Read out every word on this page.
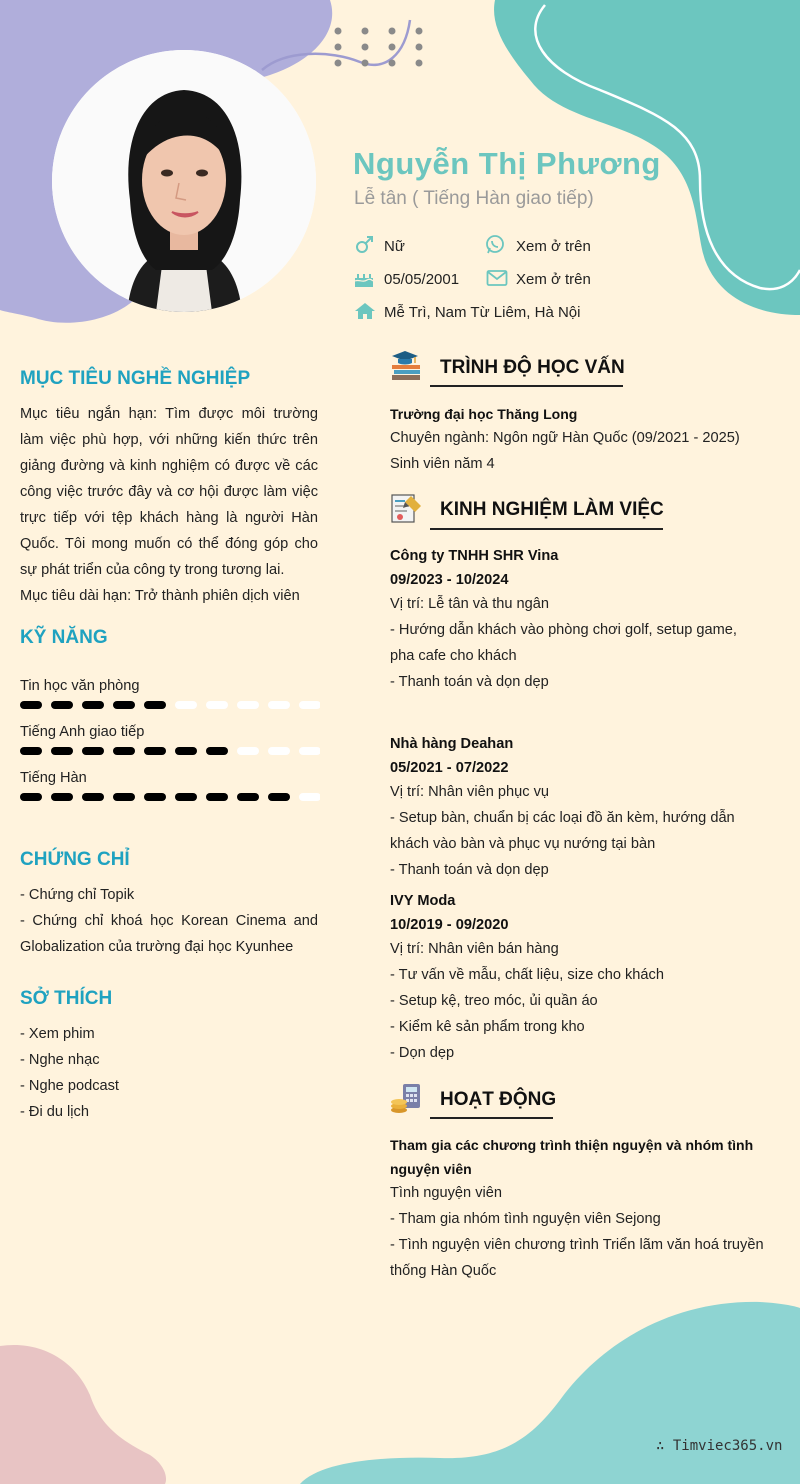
Nguyễn Thị Phương
Lễ tân ( Tiếng Hàn giao tiếp)
Nữ	Xem ở trên
05/05/2001	Xem ở trên
Mễ Trì, Nam Từ Liêm, Hà Nội
MỤC TIÊU NGHỀ NGHIỆP
Mục tiêu ngắn hạn: Tìm được môi trường
làm việc phù hợp, với những kiến thức trên
giảng đường và kinh nghiệm có được về các
công việc trước đây và cơ hội được làm việc
trực tiếp với tệp khách hàng là người Hàn
Quốc. Tôi mong muốn có thể đóng góp cho
sự phát triển của công ty trong tương lai.
Mục tiêu dài hạn: Trở thành phiên dịch viên
KỸ NĂNG
Tin học văn phòng
Tiếng Anh giao tiếp
Tiếng Hàn
CHỨNG CHỈ
- Chứng chỉ Topik
- Chứng chỉ khoá học Korean Cinema and
Globalization của trường đại học Kyunhee
SỞ THÍCH
- Xem phim
- Nghe nhạc
- Nghe podcast
- Đi du lịch
TRÌNH ĐỘ HỌC VẤN
Trường đại học Thăng Long
Chuyên ngành: Ngôn ngữ Hàn Quốc (09/2021 - 2025)
Sinh viên năm 4
KINH NGHIỆM LÀM VIỆC
Công ty TNHH SHR Vina
09/2023 - 10/2024
Vị trí: Lễ tân và thu ngân
- Hướng dẫn khách vào phòng chơi golf, setup game,
pha cafe cho khách
- Thanh toán và dọn dẹp
Nhà hàng Deahan
05/2021 - 07/2022
Vị trí: Nhân viên phục vụ
- Setup bàn, chuẩn bị các loại đồ ăn kèm, hướng dẫn
khách vào bàn và phục vụ nướng tại bàn
- Thanh toán và dọn dẹp
IVY Moda
10/2019 - 09/2020
Vị trí: Nhân viên bán hàng
- Tư vấn về mẫu, chất liệu, size cho khách
- Setup kệ, treo móc, ủi quần áo
- Kiểm kê sản phẩm trong kho
- Dọn dẹp
HOẠT ĐỘNG
Tham gia các chương trình thiện nguyện và nhóm tình
nguyện viên
Tình nguyện viên
- Tham gia nhóm tình nguyện viên Sejong
- Tình nguyện viên chương trình Triển lãm văn hoá truyền
thống Hàn Quốc
∴ Timviec365.vn
